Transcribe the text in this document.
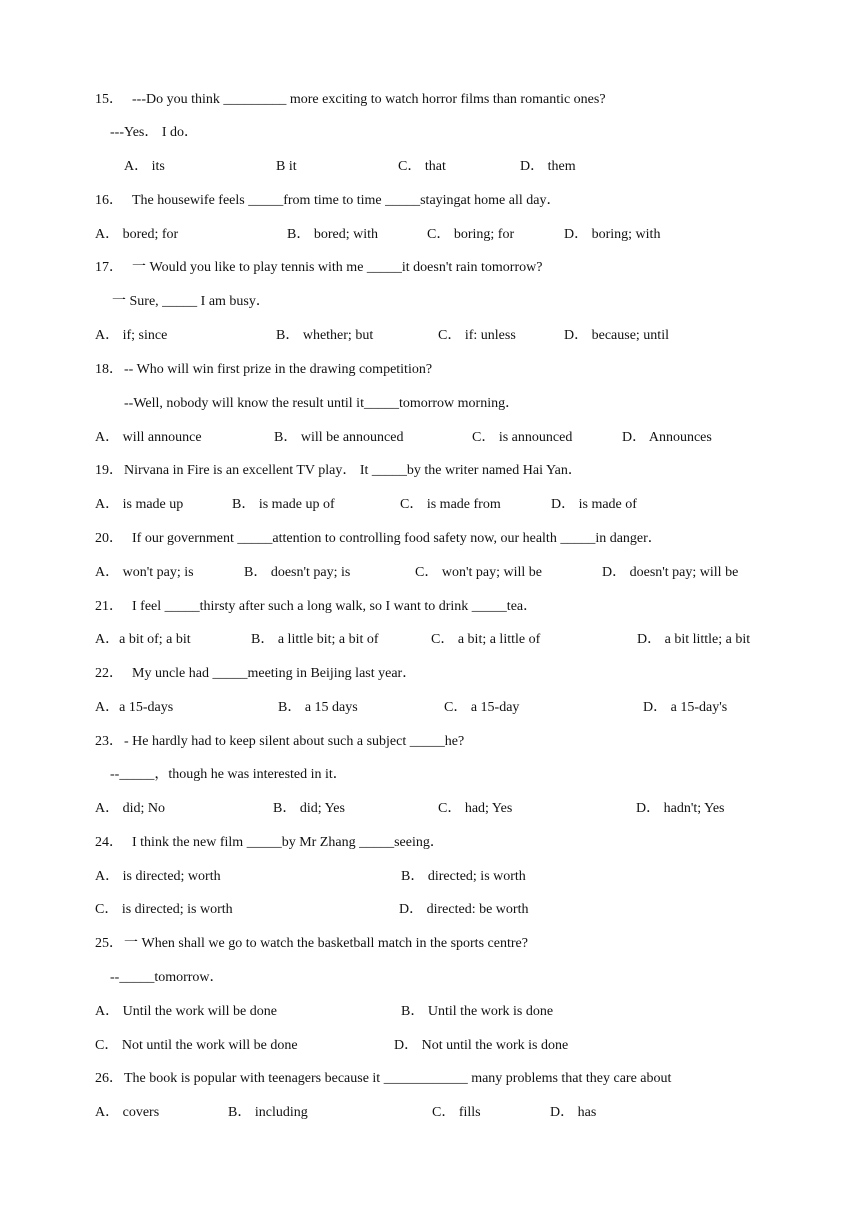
15．

---Do you think _________ more exciting to watch horror films than romantic ones?

---Yes． I do．

A． its

	B it

	C． that

	D． them

16．

The housewife feels _____from time to time _____stayingat home all day．

A． bored; for

	B． bored; with

	C． boring; for

	D． boring; with

17．

一 Would you like to play tennis with me _____it doesn't rain tomorrow?

一 Sure, _____ I am busy．

A． if; since

	B． whether; but

	C． if: unless

	D． because; until

18．

-- Who will win first prize in the drawing competition?

--Well, nobody will know the result until it_____tomorrow morning．

A． will announce

	B． will be announced

	C． is announced

	D． Announces

19．

Nirvana in Fire is an excellent TV play． It _____by the writer named Hai Yan．

A． is made up

	B． is made up of

	C． is made from

	D． is made of

20．

If our government _____attention to controlling food safety now, our health _____in danger．

A． won't pay; is

	B． doesn't pay; is

	C． won't pay; will be

	D． doesn't pay; will be

21．

I feel _____thirsty after such a long walk, so I want to drink _____tea．

A．a bit of; a bit

	B． a little bit; a bit of

	C． a bit; a little of

	D． a bit little; a bit

22．

My uncle had _____meeting in Beijing last year．

A．a 15-days

	B． a 15 days

	C． a 15-day

	D． a 15-day's

23．

- He hardly had to keep silent about such a subject _____he?

--_____，though he was interested in it．

A． did; No

	B． did; Yes

	C． had; Yes

	D． hadn't; Yes

24．

I think the new film _____by Mr Zhang _____seeing．

A． is directed; worth

	B． directed; is worth

C． is directed; is worth

	D． directed: be worth

25．

一 When shall we go to watch the basketball match in the sports centre?

--_____tomorrow．

A． Until the work will be done

	B． Until the work is done

C． Not until the work will be done

	D． Not until the work is done

26．

The book is popular with teenagers because it ____________ many problems that they care about

A． covers

	B． including

	C． fills

	D． has
